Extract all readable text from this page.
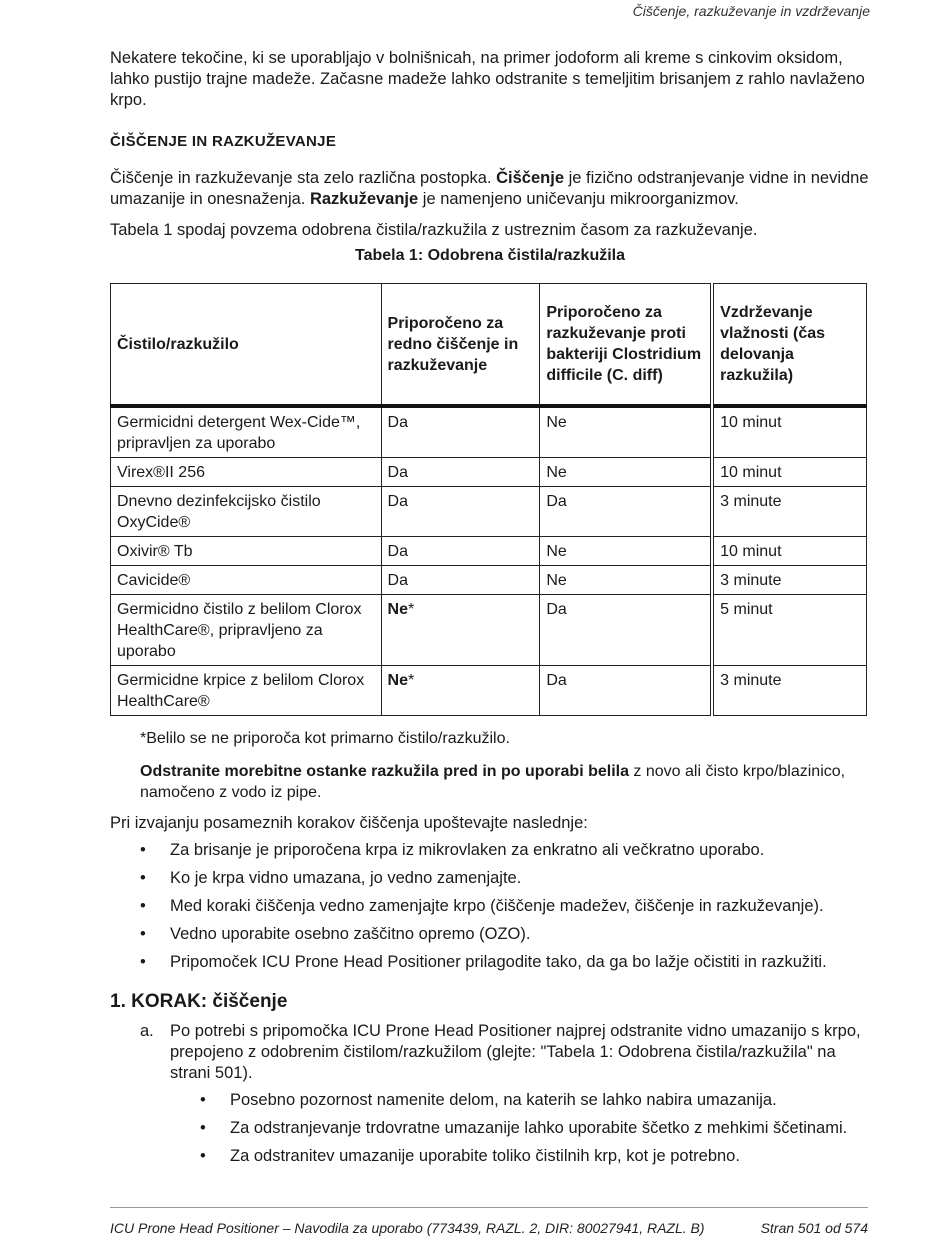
Čiščenje, razkuževanje in vzdrževanje

Nekatere tekočine, ki se uporabljajo v bolnišnicah, na primer jodoform ali kreme s cinkovim oksidom, lahko pustijo trajne madeže. Začasne madeže lahko odstranite s temeljitim brisanjem z rahlo navlaženo krpo.

ČIŠČENJE IN RAZKUŽEVANJE

Čiščenje in razkuževanje sta zelo različna postopka. Čiščenje je fizično odstranjevanje vidne in nevidne umazanije in onesnaženja. Razkuževanje je namenjeno uničevanju mikroorganizmov.

Tabela 1 spodaj povzema odobrena čistila/razkužila z ustreznim časom za razkuževanje.

Tabela 1: Odobrena čistila/razkužila
Čistilo/razkužilo	Priporočeno za redno čiščenje in razkuževanje	Priporočeno za razkuževanje proti bakteriji Clostridium difficile (C. diff)	Vzdrževanje vlažnosti (čas delovanja razkužila)
Germicidni detergent Wex-Cide™, pripravljen za uporabo	Da	Ne	10 minut
Virex®II 256	Da	Ne	10 minut
Dnevno dezinfekcijsko čistilo OxyCide®	Da	Da	3 minute
Oxivir® Tb	Da	Ne	10 minut
Cavicide®	Da	Ne	3 minute
Germicidno čistilo z belilom Clorox HealthCare®, pripravljeno za uporabo	Ne*	Da	5 minut
Germicidne krpice z belilom Clorox HealthCare®	Ne*	Da	3 minute

*Belilo se ne priporoča kot primarno čistilo/razkužilo.

Odstranite morebitne ostanke razkužila pred in po uporabi belila z novo ali čisto krpo/blazinico, namočeno z vodo iz pipe.

Pri izvajanju posameznih korakov čiščenja upoštevajte naslednje:

• Za brisanje je priporočena krpa iz mikrovlaken za enkratno ali večkratno uporabo.
• Ko je krpa vidno umazana, jo vedno zamenjajte.
• Med koraki čiščenja vedno zamenjajte krpo (čiščenje madežev, čiščenje in razkuževanje).
• Vedno uporabite osebno zaščitno opremo (OZO).
• Pripomoček ICU Prone Head Positioner prilagodite tako, da ga bo lažje očistiti in razkužiti.
1. KORAK: čiščenje
a. Po potrebi s pripomočka ICU Prone Head Positioner najprej odstranite vidno umazanijo s krpo, prepojeno z odobrenim čistilom/razkužilom (glejte: "Tabela 1: Odobrena čistila/razkužila" na strani 501).
• Posebno pozornost namenite delom, na katerih se lahko nabira umazanija.
• Za odstranjevanje trdovratne umazanije lahko uporabite ščetko z mehkimi ščetinami.
• Za odstranitev umazanije uporabite toliko čistilnih krp, kot je potrebno.
ICU Prone Head Positioner – Navodila za uporabo (773439, RAZL. 2, DIR: 80027941, RAZL. B)	Stran 501 od 574
